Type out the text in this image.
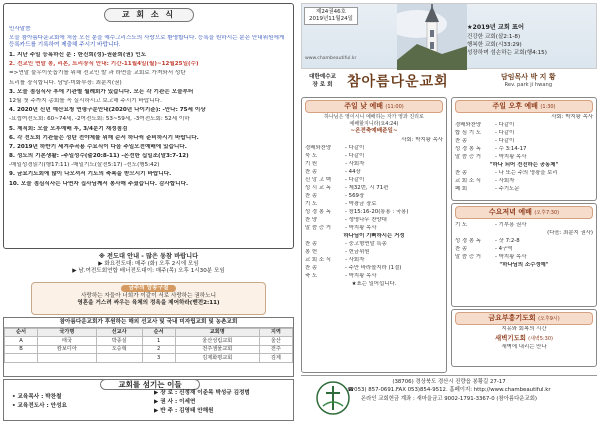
교 회 소 식
인사말씀
오늘 참아름다운교회에 처음 오신 분을 예수그리스도의 사랑으로 환영합니다. 등록을 원하시는 분은 안내위원에게 등록카드를 기록하여 제출해 주시기 바랍니다.
1. 지난 주일 등록하신 분 : 한진희(성)-권윤희(권) 인도
2. 전교인 연말 봉, 리본, 트리장식 안내: 기간-11월4일(월)~12월25일(수)
=>연말 불우이웃돕기를 위해 전교인 발 과 라면을 교회로 가져와서 성탄
트리를 장식합니다. 담당-미화부장: 최분지(권)
3. 오늘 점심식사 후에 기관별 월례회가 있습니다. 모든 각 기관은 오늘부터
12월 첫 주까지 총회를 꼭 실시하시고 보고해 주시기 바랍니다.
4. 2020년 신년 예산요청 연령구분안내(2020년 나이기준): -안나: 75세 이상
-요셉여전도회: 60~74세, -2여전도회: 53~59세, -3여전도회: 52세 이하
5. 제직회: 오늘 오후예배 후, 3/4분기 재정점검
6. 각 전도회 기관들은 성탄 전야제를 위해 순서 하나씩 준비하시기 바랍니다.
7. 2019년 하반기 세겨추곡용 수요식이 다음 주일오전예배에 있습니다.
8. 성도의 기본생활: -주일성수(출20:8-11) -온전한 십일조(말3:7-12)
-매일성경읽기(행17:11) -매일기도(살전5:17) -전도(행5:42)
9. 금요기도회에 많이 나오셔서 기도의 축복을 받으시기 바랍니다.
10. 오늘 점심식사는 나연자 집사님께서 봉사해 주셨습니다. 감사합니다.
※ 전도대 안내 - 많은 동참 바랍니다
▶ 화요전도대: 매주 (화) 오후 2시에 모임
▶ 남.여전도회연합 배너전도대이: 매주(목) 오후 1시30분 모임
금주의 암송구절
사랑하는 자들아 너희가 이같이 서로 사랑하는 권하노니
영혼을 거스려 싸우는 육체의 정욕을 제어하라(벧전2:11)
참아름다운교회가 후원하는 해외 선교사 및 국내 미자립교회 및 농촌교회
순서	국가명	선교사	순서	교회명	지역
A	태국	박종실	1	울산성림교회	울산
B	캄보디아	오승혁	2	전주샘물교회	전주
			3	김제화평교회	김제
교회를 섬기는 이들
• 교육목사 : 박찬철
• 교육전도사 : 안성요
▶ 장 로 : 신정재 이준목 박성규 김정범
▶ 권 사 : 이세연
▶ 반 주 : 김영태 안해원
제24권46호
2019년11월24일
★2019년 교회 표어
건강한 교회(살2:1-8)
행복한 교회(시33:29)
성장하며 섬손하는 교회(행4:15)
www.chambeautiful.kr
대한예수교
장 로 회 참아름다운교회	담임목사 박 지 황
Rev. park ji hwang
주일 낮 예배 (11:00)
하나님은 영이시니 예배하는 자가 영과 진리로
예배할지니라(요4:24)
~온전축예배준일~
사회: 박지황 목사
경배와찬양	- 다같이
묵 도	- 다같이
기 원	- 사회자
찬 송	- 44장
신 앙 고 백	- 다같이
성 시 교 독	- 제32번, 시 71편
찬 송	- 569장
기 도	- 박광금 장로
성 경 봉 독	- 창15:16-20(통용 : 국용)
찬 양	- 생명나무 찬양대
말 씀 증 거	- 박지황 목사
하나님이 기뻐하시는 거정
찬 송	- 중고형연말 특송
봉 헌	- 헌금위원
교 회 소 식	- 사회자
찬 송	- 주만 바라볼지라 (1절)
축 도	- 박지황 목사
★표는 일어섭니다.
주일 오후 예배 (1:30)
사회: 박지황 목사
경배와찬양	- 다같이
합 심 기 도	- 다같이
찬 송	- 다같이
성 경 봉 독	- 수 3:14-17
말 씀 증 거	- 박지황 목사
"하나 되어 전진하는 공동체"
찬 송	- 나 또는 주의 영광을 보리
교 회 소 식	- 사회자
폐 회	- 주기도문
수요저녁 예배 (오후7:30)
기 도	- 기부용 권사
(다음: 최분지 권사)
성 경 봉 독	- 삿 7:2-8
찬 송	- 4구역
말 씀 증 거	- 박지황 목사
"하나님의 소수정예"
금요부흥기도회 (오후9시)
지유와 회복의 시간
새벽기도회 (새벽5:30)
새벽에 내리는 만나
(38706) 경상북도 경산시 진량읍 봉황길 27-17
☎053) 857-0691.FAX 053)854-9512. 홈페이지: http://www.chambeautiful.kr
온라인 교회헌금 계좌 : 새마을금고 9002-1791-3367-0 (참아름다운교회)
